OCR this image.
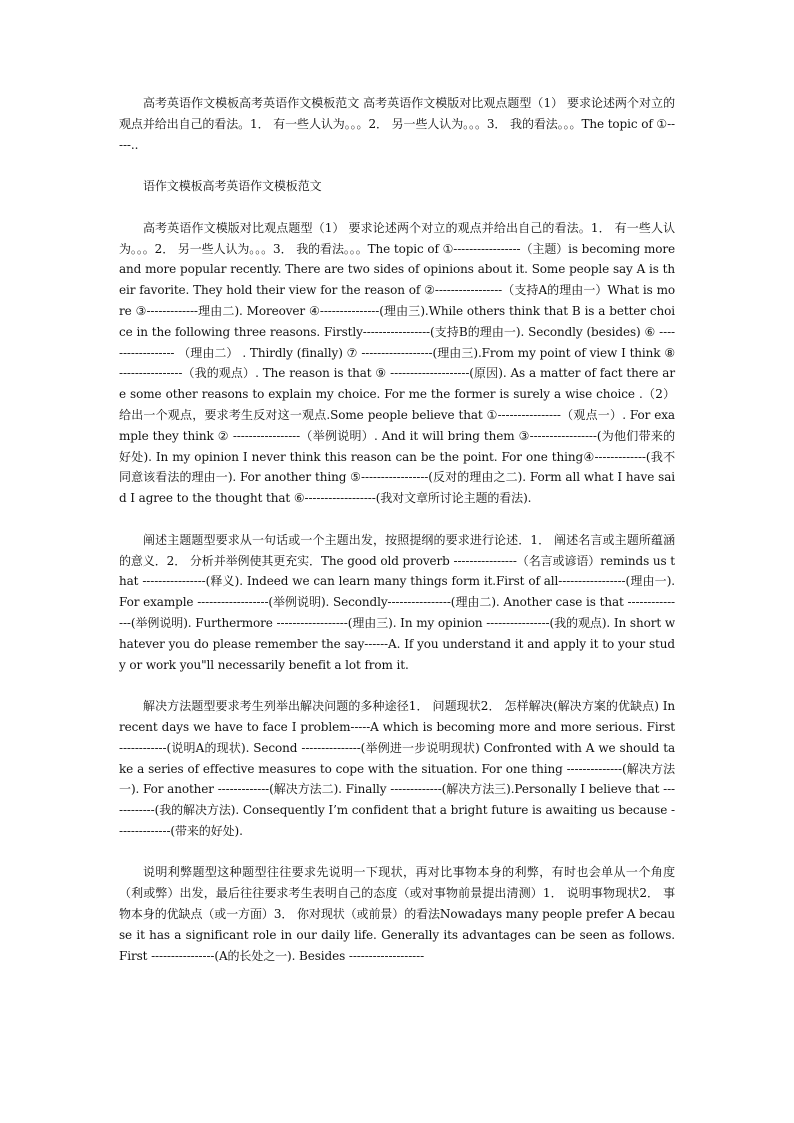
高考英语作文模板高考英语作文模板范文 高考英语作文模版对比观点题型（1） 要求论述两个对立的观点并给出自己的看法。1． 有一些人认为。。。2． 另一些人认为。。。3． 我的看法。。。The topic of ①-----..

语作文模板高考英语作文模板范文

高考英语作文模版对比观点题型（1） 要求论述两个对立的观点并给出自己的看法。1． 有一些人认为。。。2． 另一些人认为。。。3． 我的看法。。。The topic of ①-----------------（主题）is becoming more and more popular recently. There are two sides of opinions about it. Some people say A is their favorite. They hold their view for the reason of ②-----------------（支持A的理由一）What is more ③-------------理由二). Moreover ④---------------(理由三).While others think that B is a better choice in the following three reasons. Firstly-----------------(支持B的理由一). Secondly (besides) ⑥ ------------------ （理由二） . Thirdly (finally) ⑦ ------------------(理由三).From my point of view I think ⑧----------------（我的观点）. The reason is that ⑨ --------------------(原因). As a matter of fact there are some other reasons to explain my choice. For me the former is surely a wise choice .（2） 给出一个观点，要求考生反对这一观点.Some people believe that ①----------------（观点一）. For example they think ② -----------------（举例说明）. And it will bring them ③-----------------(为他们带来的好处). In my opinion I never think this reason can be the point. For one thing④-------------(我不同意该看法的理由一). For another thing ⑤-----------------(反对的理由之二). Form all what I have said I agree to the thought that ⑥------------------(我对文章所讨论主题的看法).

阐述主题题型要求从一句话或一个主题出发，按照提纲的要求进行论述．1． 阐述名言或主题所蕴涵的意义．2． 分析并举例使其更充实．The good old proverb ----------------（名言或谚语）reminds us that ----------------(释义). Indeed we can learn many things form it.First of all-----------------(理由一). For example ------------------(举例说明). Secondly----------------(理由二). Another case is that ---------------(举例说明). Furthermore ------------------(理由三). In my opinion ----------------(我的观点). In short whatever you do please remember the say------A. If you understand it and apply it to your study or work you"ll necessarily benefit a lot from it.

解决方法题型要求考生列举出解决问题的多种途径1． 问题现状2． 怎样解决(解决方案的优缺点) In recent days we have to face I problem-----A which is becoming more and more serious. First ------------(说明A的现状). Second ---------------(举例进一步说明现状) Confronted with A we should take a series of effective measures to cope with the situation. For one thing --------------(解决方法一). For another -------------(解决方法二). Finally -------------(解决方法三).Personally I believe that ------------(我的解决方法). Consequently I’m confident that a bright future is awaiting us because --------------(带来的好处).

说明利弊题型这种题型往往要求先说明一下现状，再对比事物本身的利弊，有时也会单从一个角度（利或弊）出发，最后往往要求考生表明自己的态度（或对事物前景提出清测）1． 说明事物现状2． 事物本身的优缺点（或一方面）3． 你对现状（或前景）的看法Nowadays many people prefer A because it has a significant role in our daily life. Generally its advantages can be seen as follows. First ----------------(A的长处之一). Besides -------------------
